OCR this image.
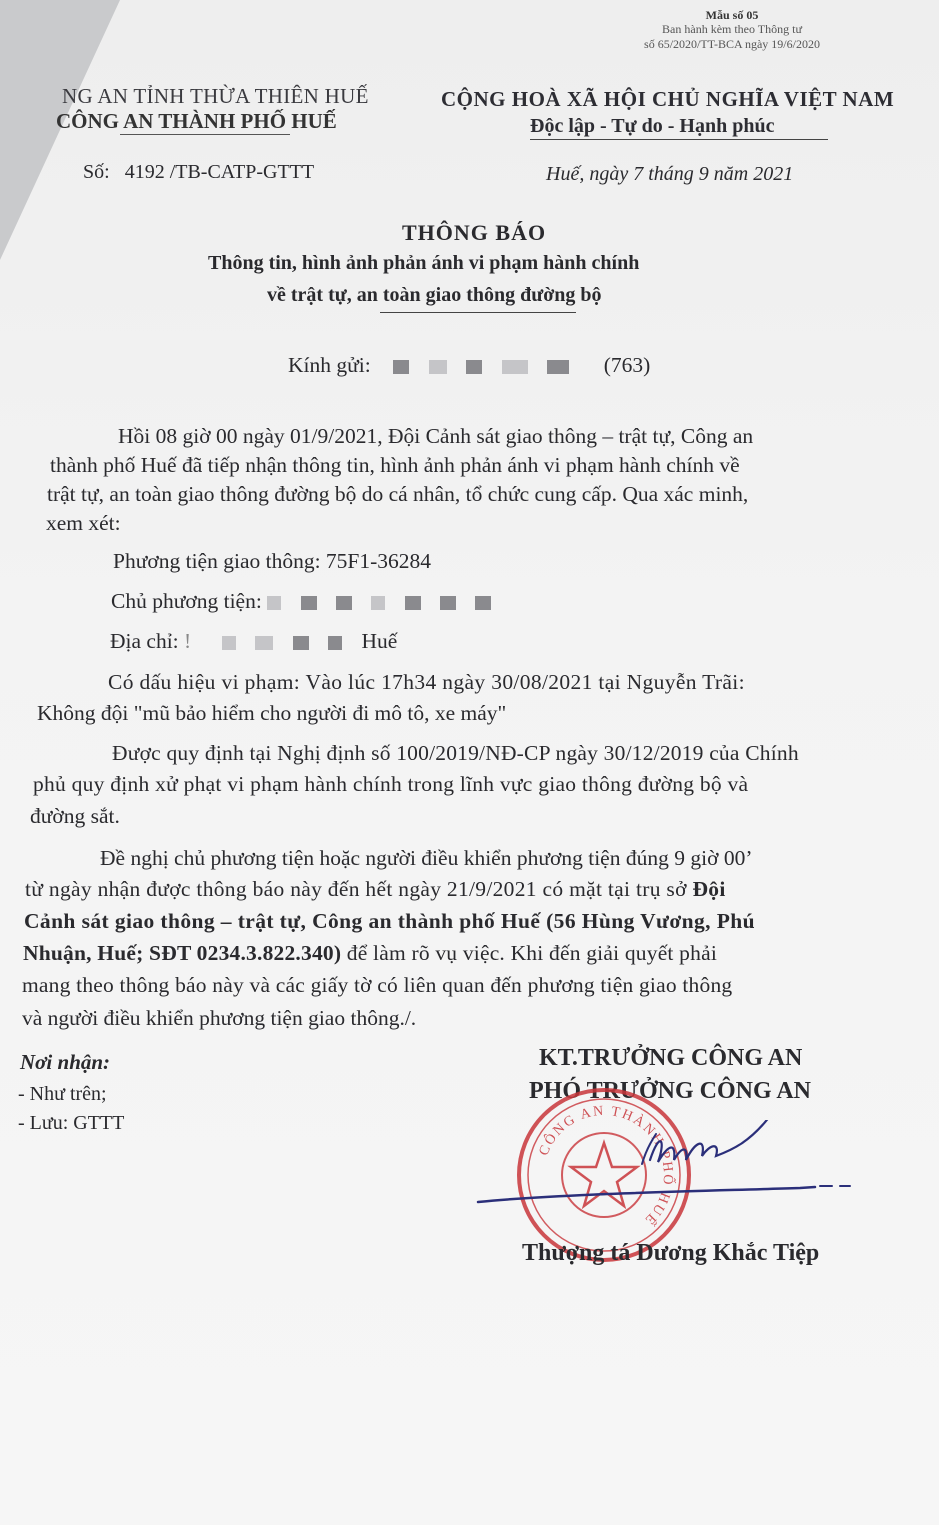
Mẫu số 05
Ban hành kèm theo Thông tư
số 65/2020/TT-BCA ngày 19/6/2020
NG AN TỈNH THỪA THIÊN HUẾ
CÔNG AN THÀNH PHỐ HUẾ
CỘNG HOÀ XÃ HỘI CHỦ NGHĨA VIỆT NAM
Độc lập - Tự do - Hạnh phúc
Số: 4192 /TB-CATP-GTTT	Huế, ngày 7 tháng 9 năm 2021
THÔNG BÁO
Thông tin, hình ảnh phản ánh vi phạm hành chính
về trật tự, an toàn giao thông đường bộ
Kính gửi:	(763)
Hồi 08 giờ 00 ngày 01/9/2021, Đội Cảnh sát giao thông – trật tự, Công an
thành phố Huế đã tiếp nhận thông tin, hình ảnh phản ánh vi phạm hành chính về
trật tự, an toàn giao thông đường bộ do cá nhân, tổ chức cung cấp. Qua xác minh,
xem xét:
Phương tiện giao thông: 75F1-36284
Chủ phương tiện:
Địa chỉ: !	Huế
Có dấu hiệu vi phạm: Vào lúc 17h34 ngày 30/08/2021 tại Nguyễn Trãi:
Không đội "mũ bảo hiểm cho người đi mô tô, xe máy"
Được quy định tại Nghị định số 100/2019/NĐ-CP ngày 30/12/2019 của Chính
phủ quy định xử phạt vi phạm hành chính trong lĩnh vực giao thông đường bộ và
đường sắt.
Đề nghị chủ phương tiện hoặc người điều khiển phương tiện đúng 9 giờ 00’
từ ngày nhận được thông báo này đến hết ngày 21/9/2021 có mặt tại trụ sở Đội
Cảnh sát giao thông – trật tự, Công an thành phố Huế (56 Hùng Vương, Phú
Nhuận, Huế; SĐT 0234.3.822.340) để làm rõ vụ việc. Khi đến giải quyết phải
mang theo thông báo này và các giấy tờ có liên quan đến phương tiện giao thông
và người điều khiển phương tiện giao thông./.
Nơi nhận:
- Như trên;
- Lưu: GTTT
KT.TRƯỞNG CÔNG AN
PHÓ TRƯỞNG CÔNG AN
CÔNG AN THÀNH PHỐ HUẾ
Thượng tá Dương Khắc Tiệp
